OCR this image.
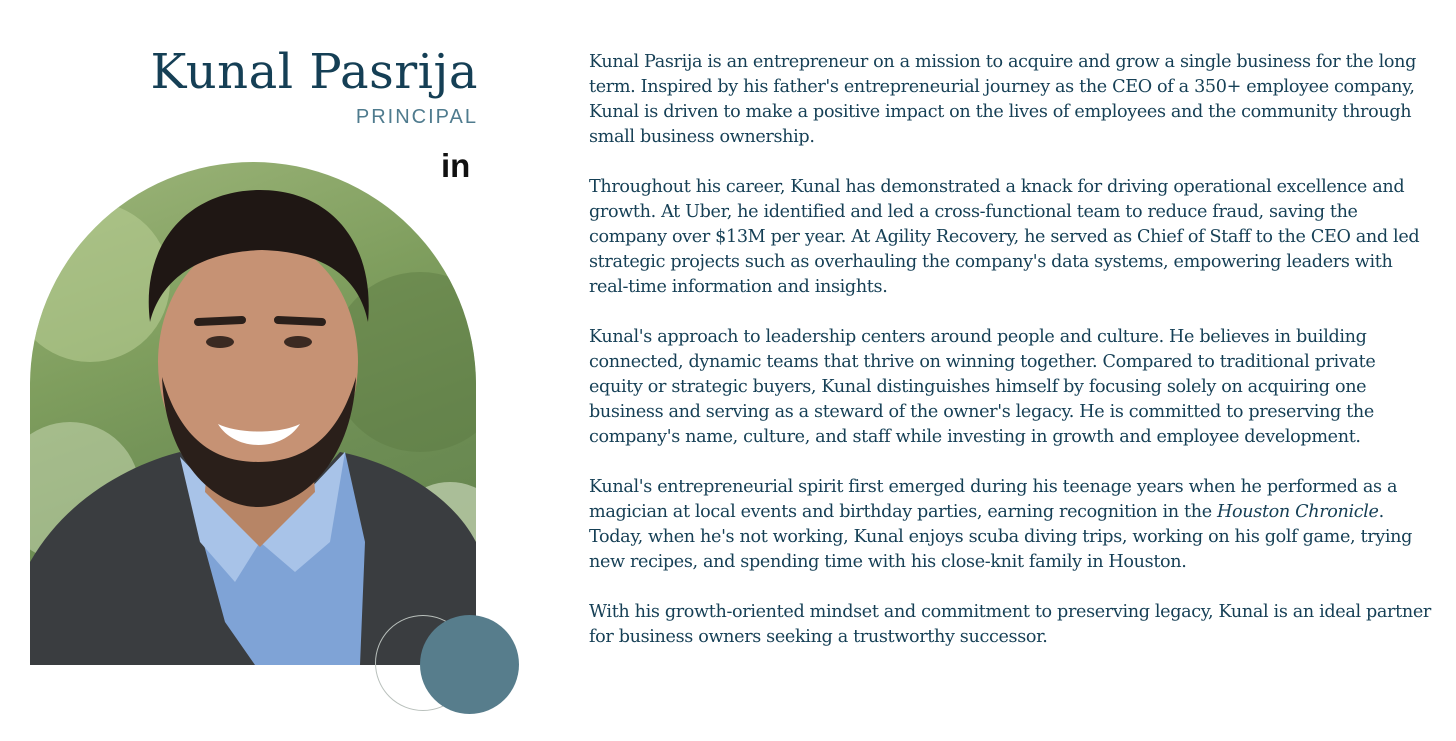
Kunal Pasrija
PRINCIPAL
in

Kunal Pasrija is an entrepreneur on a mission to acquire and grow a single business for the long term. Inspired by his father's entrepreneurial journey as the CEO of a 350+ employee company, Kunal is driven to make a positive impact on the lives of employees and the community through small business ownership.

Throughout his career, Kunal has demonstrated a knack for driving operational excellence and growth. At Uber, he identified and led a cross-functional team to reduce fraud, saving the company over $13M per year. At Agility Recovery, he served as Chief of Staff to the CEO and led strategic projects such as overhauling the company's data systems, empowering leaders with real-time information and insights.

Kunal's approach to leadership centers around people and culture. He believes in building connected, dynamic teams that thrive on winning together. Compared to traditional private equity or strategic buyers, Kunal distinguishes himself by focusing solely on acquiring one business and serving as a steward of the owner's legacy. He is committed to preserving the company's name, culture, and staff while investing in growth and employee development.

Kunal's entrepreneurial spirit first emerged during his teenage years when he performed as a magician at local events and birthday parties, earning recognition in the Houston Chronicle. Today, when he's not working, Kunal enjoys scuba diving trips, working on his golf game, trying new recipes, and spending time with his close-knit family in Houston.

With his growth-oriented mindset and commitment to preserving legacy, Kunal is an ideal partner for business owners seeking a trustworthy successor.
